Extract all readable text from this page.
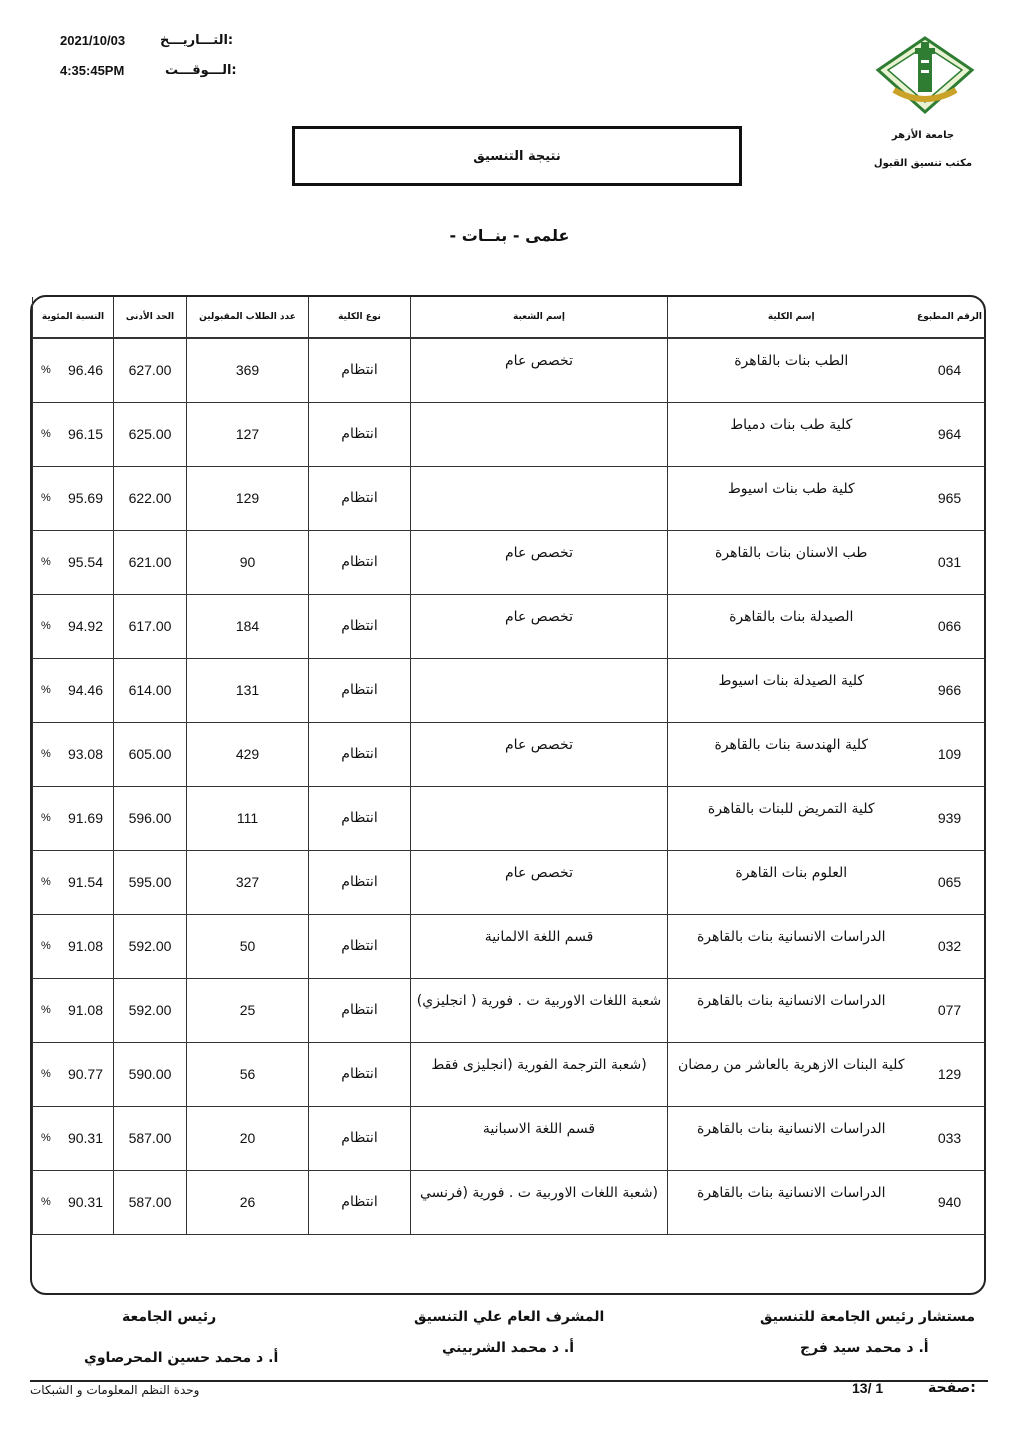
2021/10/03	التـــاريـــخ:
4:35:45PM	الـــوقـــت:
جامعة الأزهر
مكتب تنسيق القبول
نتيجة التنسيق
- علمى - بنــات
النسبة المئوية	الحد الأدنى	عدد الطلاب المقبولين	نوع الكلية	إسم الشعبة	إسم الكلية	الرقم المطبوع

% 96.46	627.00	369	انتظام	تخصص عام	الطب بنات بالقاهرة	064

% 96.15	625.00	127	انتظام		كلية طب بنات دمياط	964

% 95.69	622.00	129	انتظام		كلية طب بنات اسيوط	965

% 95.54	621.00	90	انتظام	تخصص عام	طب الاسنان بنات بالقاهرة	031

% 94.92	617.00	184	انتظام	تخصص عام	الصيدلة بنات بالقاهرة	066

% 94.46	614.00	131	انتظام		كلية الصيدلة بنات اسيوط	966

% 93.08	605.00	429	انتظام	تخصص عام	كلية الهندسة بنات بالقاهرة	109

% 91.69	596.00	111	انتظام		كلية التمريض للبنات بالقاهرة	939

% 91.54	595.00	327	انتظام	تخصص عام	العلوم بنات القاهرة	065

% 91.08	592.00	50	انتظام	قسم اللغة الالمانية	الدراسات الانسانية بنات بالقاهرة	032

% 91.08	592.00	25	انتظام	شعبة اللغات الاوربية ت . فورية ( انجليزي)	الدراسات الانسانية بنات بالقاهرة	077

% 90.77	590.00	56	انتظام	(شعبة الترجمة الفورية (انجليزى فقط	كلية البنات الازهرية بالعاشر من رمضان	129

% 90.31	587.00	20	انتظام	قسم اللغة الاسبانية	الدراسات الانسانية بنات بالقاهرة	033

% 90.31	587.00	26	انتظام	(شعبة اللغات الاوربية ت . فورية (فرنسي	الدراسات الانسانية بنات بالقاهرة	940
مستشار رئيس الجامعة للتنسيق
أ. د محمد سيد فرج
المشرف العام علي التنسيق
أ. د محمد الشربيني
رئيس الجامعة
أ. د محمد حسين المحرصاوي
وحدة النظم المعلومات و الشبكات	13/ 1	صفحة:
